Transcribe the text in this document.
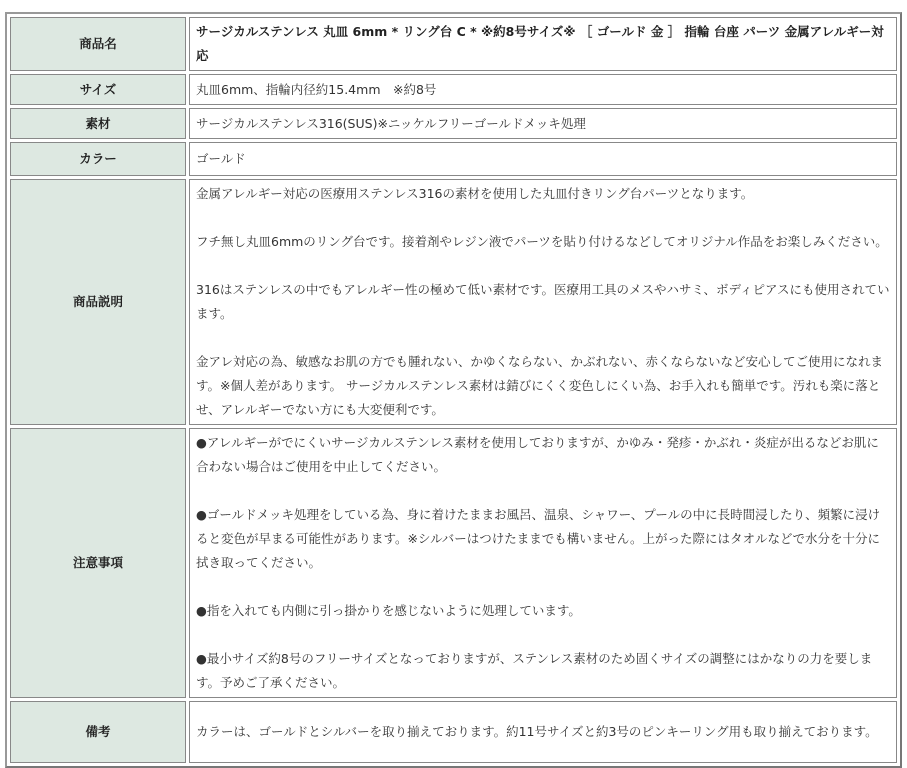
商品名	サージカルステンレス 丸皿 6mm * リング台 C * ※約8号サイズ※ ［ ゴールド 金 ］ 指輪 台座 パーツ 金属アレルギー対応

サイズ	丸皿6mm、指輪内径約15.4mm　※約8号

素材	サージカルステンレス316(SUS)※ニッケルフリーゴールドメッキ処理

カラー	ゴールド

商品説明	金属アレルギー対応の医療用ステンレス316の素材を使用した丸皿付きリング台パーツとなります。

フチ無し丸皿6mmのリング台です。接着剤やレジン液でパーツを貼り付けるなどしてオリジナル作品をお楽しみください。

316はステンレスの中でもアレルギー性の極めて低い素材です。医療用工具のメスやハサミ、ボディピアスにも使用されています。

金アレ対応の為、敏感なお肌の方でも腫れない、かゆくならない、かぶれない、赤くならないなど安心してご使用になれます。※個人差があります。 サージカルステンレス素材は錆びにくく変色しにくい為、お手入れも簡単です。汚れも楽に落とせ、アレルギーでない方にも大変便利です。

注意事項	●アレルギーがでにくいサージカルステンレス素材を使用しておりますが、かゆみ・発疹・かぶれ・炎症が出るなどお肌に合わない場合はご使用を中止してください。

●ゴールドメッキ処理をしている為、身に着けたままお風呂、温泉、シャワー、プールの中に長時間浸したり、頻繁に浸けると変色が早まる可能性があります。※シルバーはつけたままでも構いません。上がった際にはタオルなどで水分を十分に拭き取ってください。

●指を入れても内側に引っ掛かりを感じないように処理しています。

●最小サイズ約8号のフリーサイズとなっておりますが、ステンレス素材のため固くサイズの調整にはかなりの力を要します。予めご了承ください。

備考	カラーは、ゴールドとシルバーを取り揃えております。約11号サイズと約3号のピンキーリング用も取り揃えております。
